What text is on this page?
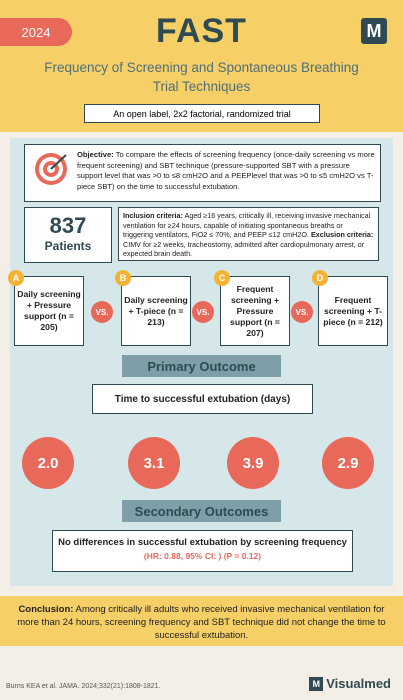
2024	FAST	M
Frequency of Screening and Spontaneous Breathing Trial Techniques
An open label, 2x2 factorial, randomized trial
Objective: To compare the effects of screening frequency (once-daily screening vs more frequent screening) and SBT technique (pressure-supported SBT with a pressure support level that was >0 to ≤8 cmH2O and a PEEPlevel that was >0 to ≤5 cmH2O vs T-piece SBT) on the time to successful extubation.
837
Patients
Inclusion criteria: Aged ≥16 years, critically ill, receiving invasive mechanical ventilation for ≥24 hours, capable of initiating spontaneous breaths or triggering ventilators, FiO2 ≤ 70%, and PEEP ≤12 cmH2O. Exclusion criteria: CIMV for ≥2 weeks, tracheostomy, admitted after cardiopulmonary arrest, or expected brain death.
Daily screening + Pressure support (n = 205)
A
VS.
Daily screening + T-piece (n = 213)
B
VS.
Frequent screening + Pressure support (n = 207)
C
VS.
Frequent screening + T-piece (n = 212)
D
Primary Outcome
Time to successful extubation (days)
2.0	3.1	3.9	2.9
Secondary Outcomes
No differences in successful extubation by screening frequency
(HR: 0.88, 95% CI: ) (P = 0.12)
Conclusion: Among critically ill adults who received invasive mechanical ventilation for more than 24 hours, screening frequency and SBT technique did not change the time to successful extubation.
Burns KEA et al. JAMA. 2024;332(21):1808-1821.	M Visualmed
